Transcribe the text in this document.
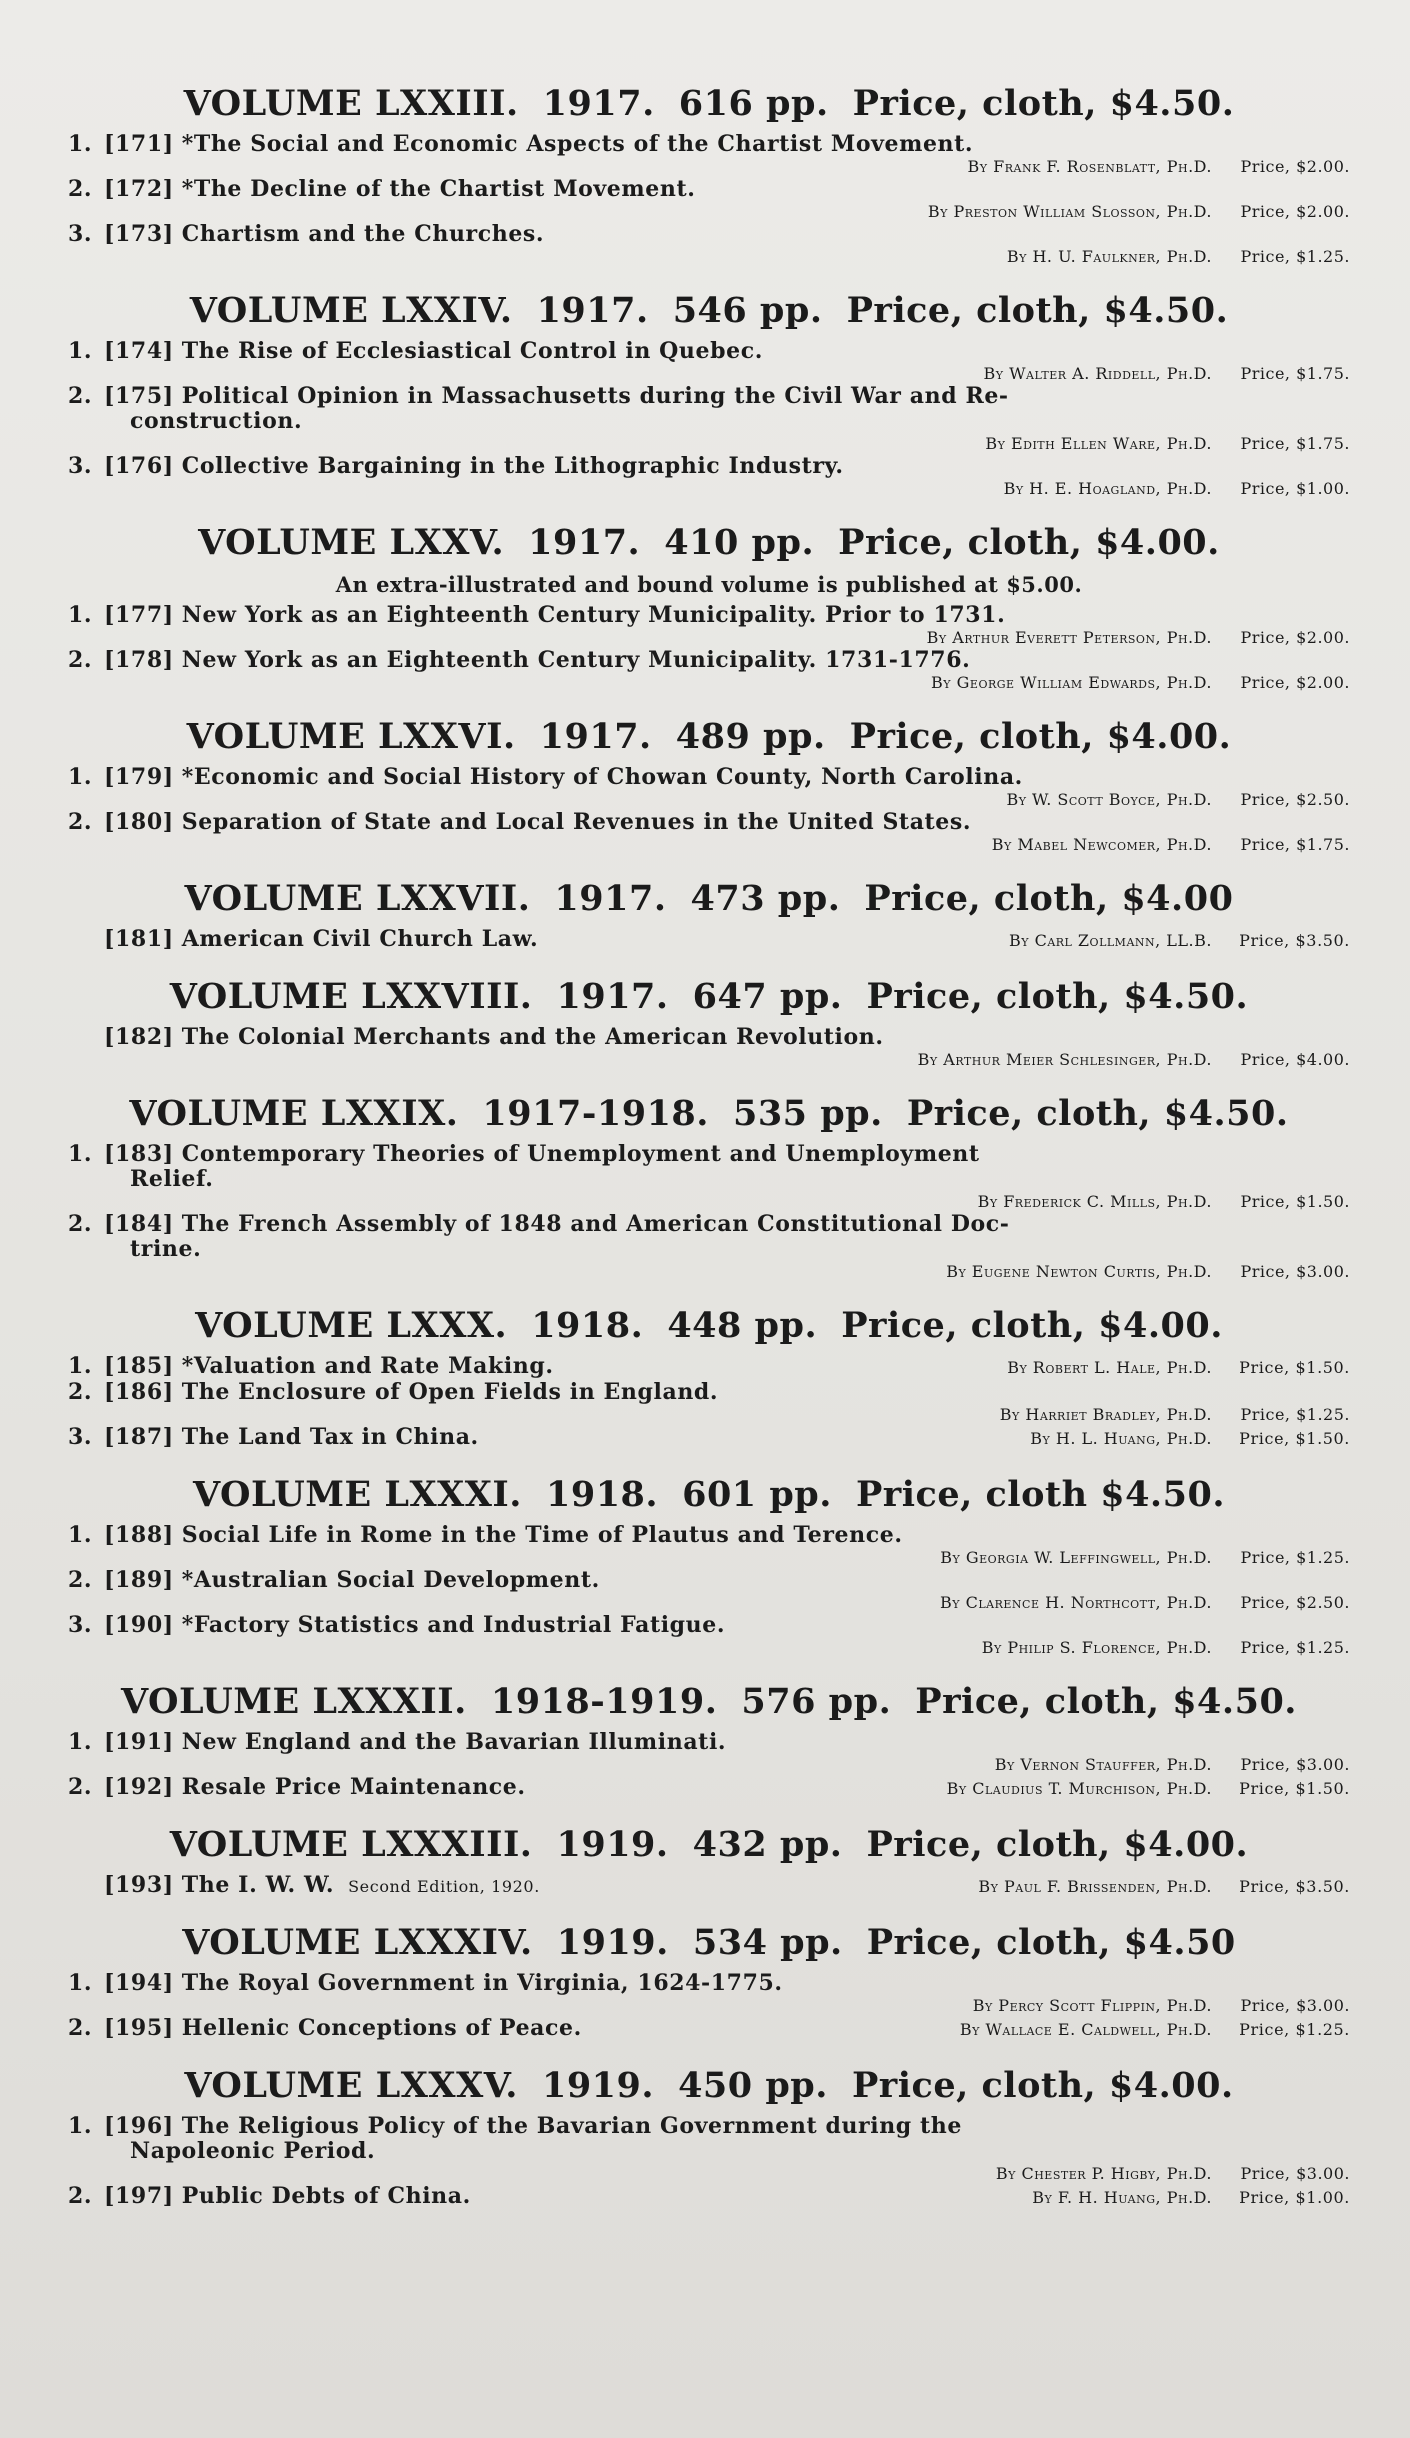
VOLUME LXXIII. 1917. 616 pp. Price, cloth, $4.50.
1. [171] *The Social and Economic Aspects of the Chartist Movement.
By Frank F. Rosenblatt, Ph.D.	Price, $2.00.
2. [172] *The Decline of the Chartist Movement.
By Preston William Slosson, Ph.D.	Price, $2.00.
3. [173] Chartism and the Churches.
By H. U. Faulkner, Ph.D.	Price, $1.25.
VOLUME LXXIV. 1917. 546 pp. Price, cloth, $4.50.
1. [174] The Rise of Ecclesiastical Control in Quebec.
By Walter A. Riddell, Ph.D.	Price, $1.75.
2. [175] Political Opinion in Massachusetts during the Civil War and Re-
construction.
By Edith Ellen Ware, Ph.D.	Price, $1.75.
3. [176] Collective Bargaining in the Lithographic Industry.
By H. E. Hoagland, Ph.D.	Price, $1.00.
VOLUME LXXV. 1917. 410 pp. Price, cloth, $4.00.
An extra-illustrated and bound volume is published at $5.00.
1. [177] New York as an Eighteenth Century Municipality. Prior to 1731.
By Arthur Everett Peterson, Ph.D.	Price, $2.00.
2. [178] New York as an Eighteenth Century Municipality. 1731-1776.
By George William Edwards, Ph.D.	Price, $2.00.
VOLUME LXXVI. 1917. 489 pp. Price, cloth, $4.00.
1. [179] *Economic and Social History of Chowan County, North Carolina.
By W. Scott Boyce, Ph.D.	Price, $2.50.
2. [180] Separation of State and Local Revenues in the United States.
By Mabel Newcomer, Ph.D.	Price, $1.75.
VOLUME LXXVII. 1917. 473 pp. Price, cloth, $4.00
[181] American Civil Church Law.	By Carl Zollmann, LL.B.	Price, $3.50.
VOLUME LXXVIII. 1917. 647 pp. Price, cloth, $4.50.
[182] The Colonial Merchants and the American Revolution.
By Arthur Meier Schlesinger, Ph.D.	Price, $4.00.
VOLUME LXXIX. 1917-1918. 535 pp. Price, cloth, $4.50.
1. [183] Contemporary Theories of Unemployment and Unemployment
Relief.
By Frederick C. Mills, Ph.D.	Price, $1.50.
2. [184] The French Assembly of 1848 and American Constitutional Doc-
trine.
By Eugene Newton Curtis, Ph.D.	Price, $3.00.
VOLUME LXXX. 1918. 448 pp. Price, cloth, $4.00.
1. [185] *Valuation and Rate Making.	By Robert L. Hale, Ph.D.	Price, $1.50.
2. [186] The Enclosure of Open Fields in England.
By Harriet Bradley, Ph.D.	Price, $1.25.
3. [187] The Land Tax in China.	By H. L. Huang, Ph.D.	Price, $1.50.
VOLUME LXXXI. 1918. 601 pp. Price, cloth $4.50.
1. [188] Social Life in Rome in the Time of Plautus and Terence.
By Georgia W. Leffingwell, Ph.D.	Price, $1.25.
2. [189] *Australian Social Development.
By Clarence H. Northcott, Ph.D.	Price, $2.50.
3. [190] *Factory Statistics and Industrial Fatigue.
By Philip S. Florence, Ph.D.	Price, $1.25.
VOLUME LXXXII. 1918-1919. 576 pp. Price, cloth, $4.50.
1. [191] New England and the Bavarian Illuminati.
By Vernon Stauffer, Ph.D.	Price, $3.00.
2. [192] Resale Price Maintenance.	By Claudius T. Murchison, Ph.D.	Price, $1.50.
VOLUME LXXXIII. 1919. 432 pp. Price, cloth, $4.00.
[193] The I. W. W. Second Edition, 1920.	By Paul F. Brissenden, Ph.D.	Price, $3.50.
VOLUME LXXXIV. 1919. 534 pp. Price, cloth, $4.50
1. [194] The Royal Government in Virginia, 1624-1775.
By Percy Scott Flippin, Ph.D.	Price, $3.00.
2. [195] Hellenic Conceptions of Peace.	By Wallace E. Caldwell, Ph.D.	Price, $1.25.
VOLUME LXXXV. 1919. 450 pp. Price, cloth, $4.00.
1. [196] The Religious Policy of the Bavarian Government during the
Napoleonic Period.
By Chester P. Higby, Ph.D.	Price, $3.00.
2. [197] Public Debts of China.	By F. H. Huang, Ph.D.	Price, $1.00.
